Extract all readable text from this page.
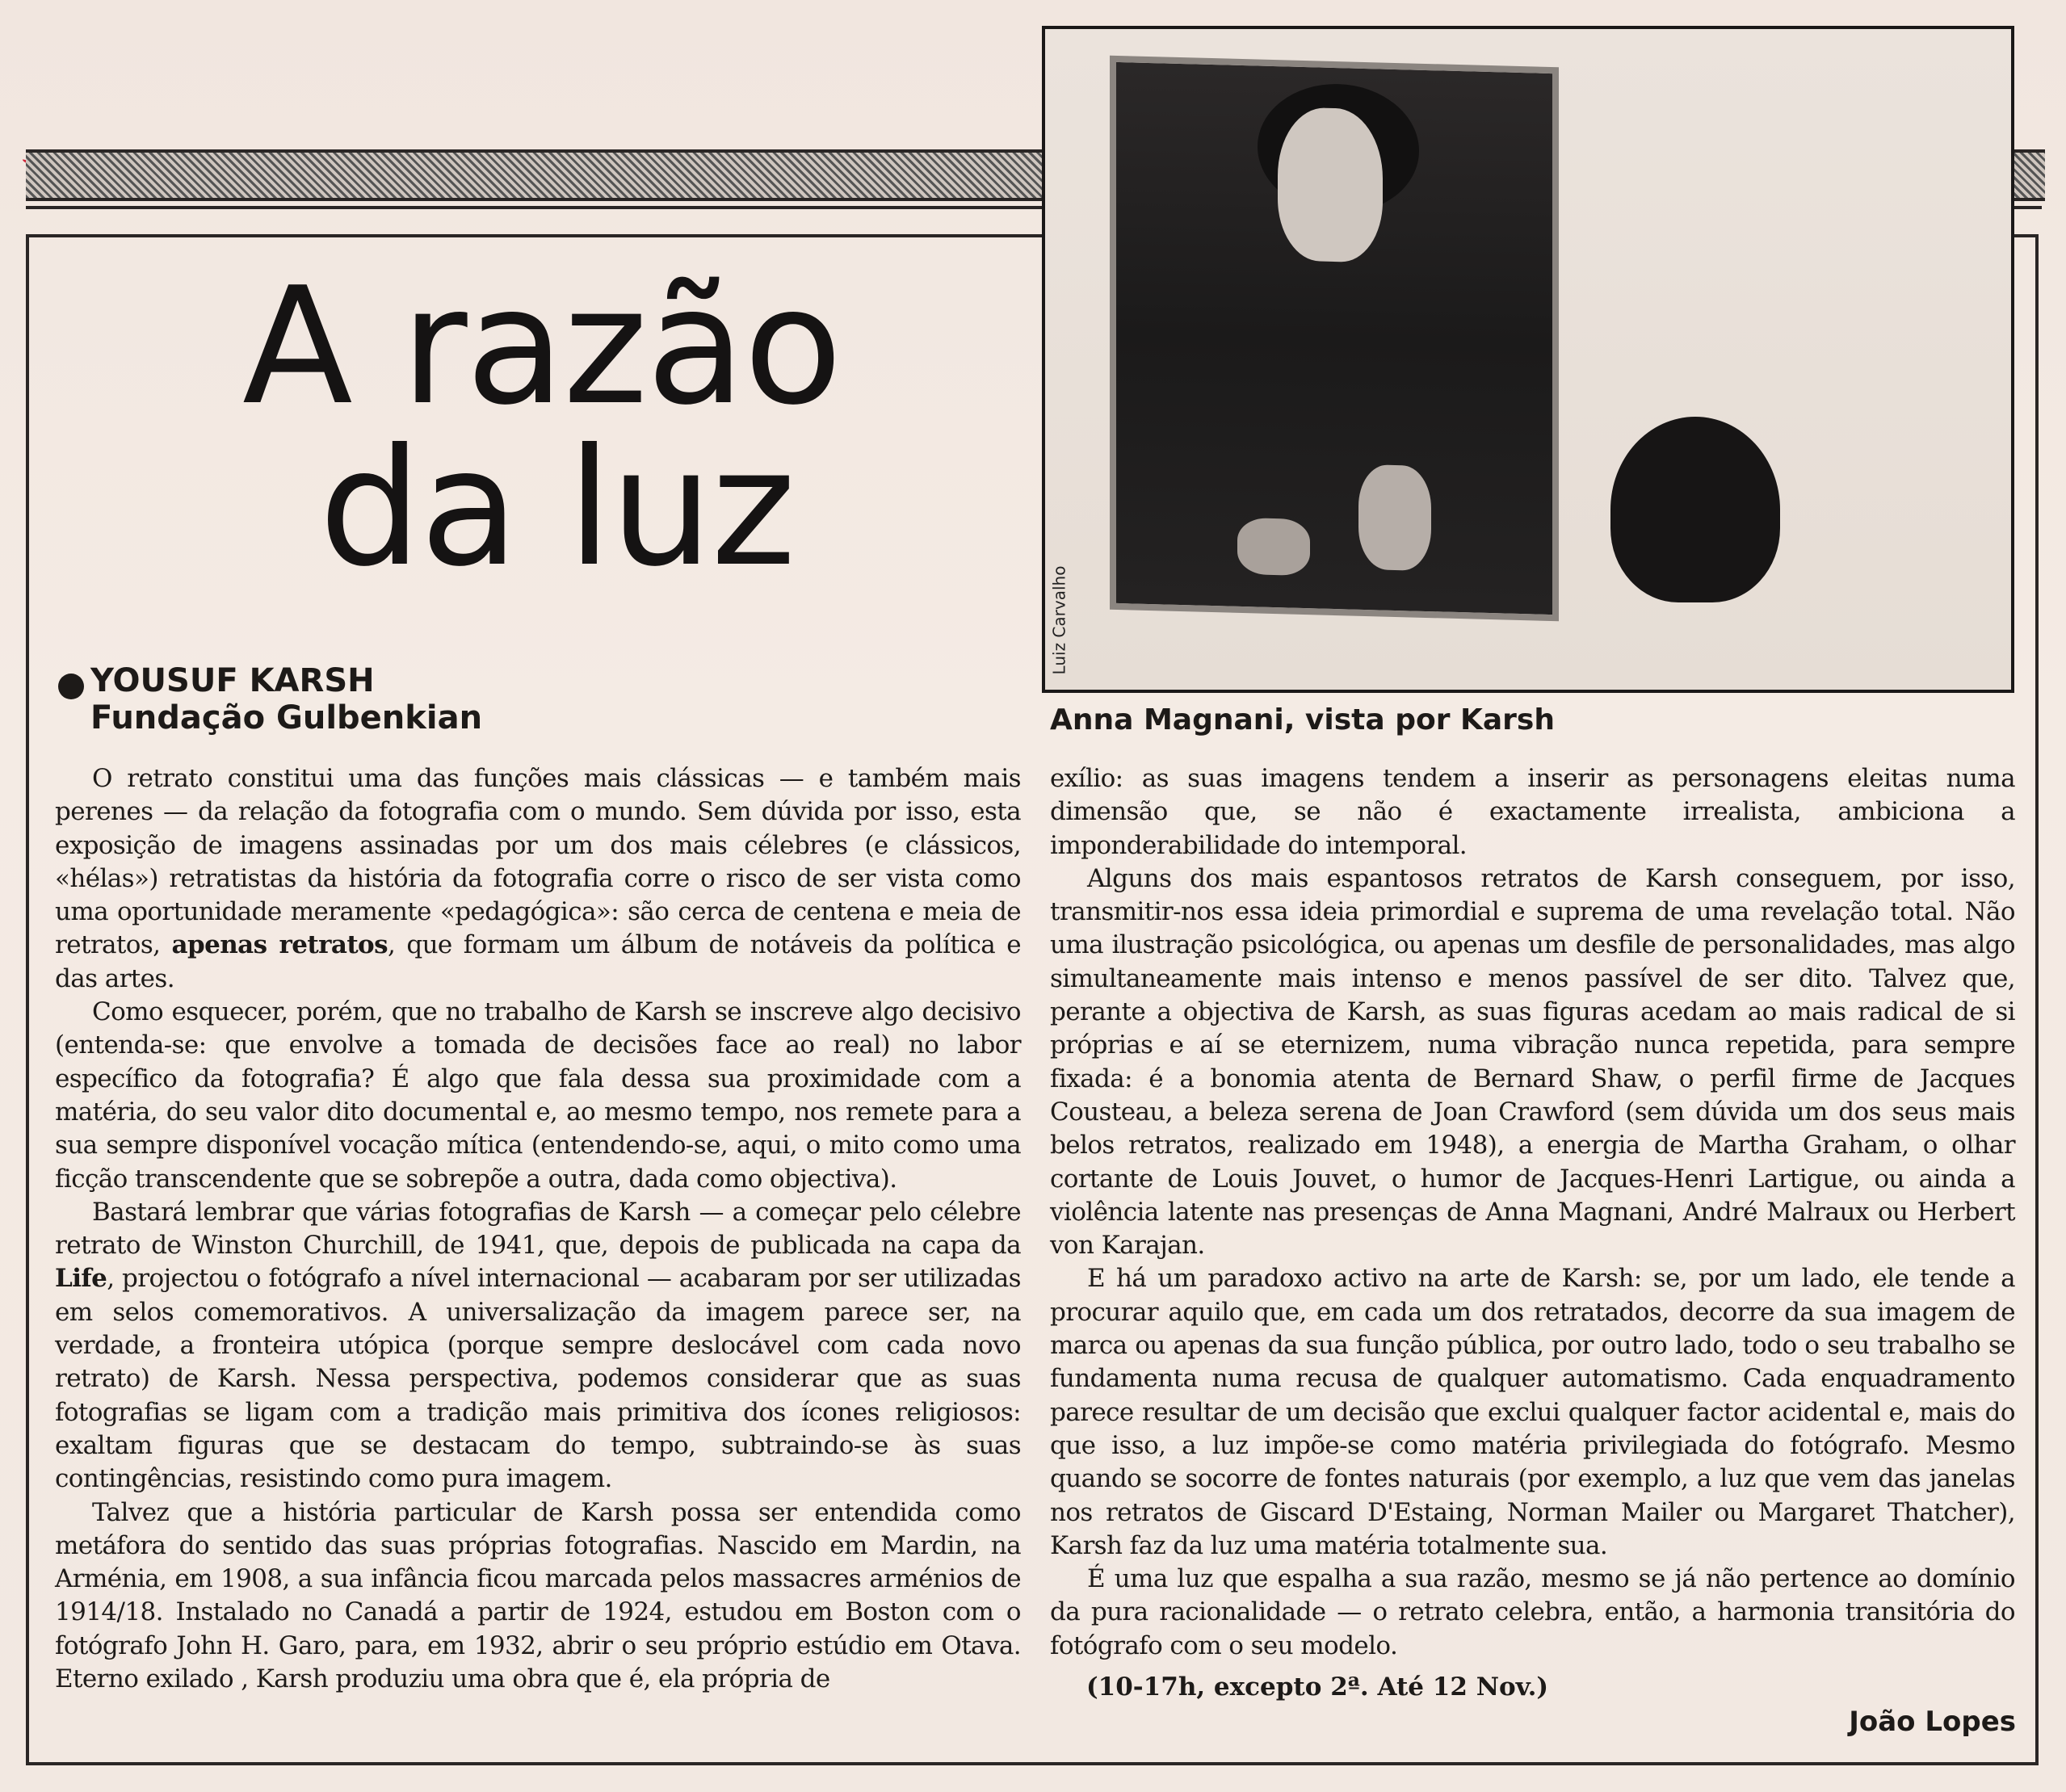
A razão
da luz
YOUSUF KARSH
Fundação Gulbenkian
Luiz Carvalho
Anna Magnani, vista por Karsh

O retrato constitui uma das funções mais clássicas — e também mais perenes — da relação da fotografia com o mundo. Sem dúvida por isso, esta exposição de imagens assinadas por um dos mais célebres (e clássicos, «hélas») retratistas da história da fotografia corre o risco de ser vista como uma oportunidade meramente «pedagógica»: são cerca de centena e meia de retratos, apenas retratos, que formam um álbum de notáveis da política e das artes.

Como esquecer, porém, que no trabalho de Karsh se inscreve algo decisivo (entenda-se: que envolve a tomada de decisões face ao real) no labor específico da fotografia? É algo que fala dessa sua proximidade com a matéria, do seu valor dito documental e, ao mesmo tempo, nos remete para a sua sempre disponível vocação mítica (entendendo-se, aqui, o mito como uma ficção transcendente que se sobrepõe a outra, dada como objectiva).

Bastará lembrar que várias fotografias de Karsh — a começar pelo célebre retrato de Winston Churchill, de 1941, que, depois de publicada na capa da Life, projectou o fotógrafo a nível internacional — acabaram por ser utilizadas em selos comemorativos. A universalização da imagem parece ser, na verdade, a fronteira utópica (porque sempre deslocável com cada novo retrato) de Karsh. Nessa perspectiva, podemos considerar que as suas fotografias se ligam com a tradição mais primitiva dos ícones religiosos: exaltam figuras que se destacam do tempo, subtraindo-se às suas contingências, resistindo como pura imagem.

Talvez que a história particular de Karsh possa ser entendida como metáfora do sentido das suas próprias fotografias. Nascido em Mardin, na Arménia, em 1908, a sua infância ficou marcada pelos massacres arménios de 1914/18. Instalado no Canadá a partir de 1924, estudou em Boston com o fotógrafo John H. Garo, para, em 1932, abrir o seu próprio estúdio em Otava. Eterno exilado , Karsh produziu uma obra que é, ela própria de

exílio: as suas imagens tendem a inserir as personagens eleitas numa dimensão que, se não é exactamente irrealista, ambiciona a imponderabilidade do intemporal.

Alguns dos mais espantosos retratos de Karsh conseguem, por isso, transmitir-nos essa ideia primordial e suprema de uma revelação total. Não uma ilustração psicológica, ou apenas um desfile de personalidades, mas algo simultaneamente mais intenso e menos passível de ser dito. Talvez que, perante a objectiva de Karsh, as suas figuras acedam ao mais radical de si próprias e aí se eternizem, numa vibração nunca repetida, para sempre fixada: é a bonomia atenta de Bernard Shaw, o perfil firme de Jacques Cousteau, a beleza serena de Joan Crawford (sem dúvida um dos seus mais belos retratos, realizado em 1948), a energia de Martha Graham, o olhar cortante de Louis Jouvet, o humor de Jacques-Henri Lartigue, ou ainda a violência latente nas presenças de Anna Magnani, André Malraux ou Herbert von Karajan.

E há um paradoxo activo na arte de Karsh: se, por um lado, ele tende a procurar aquilo que, em cada um dos retratados, decorre da sua imagem de marca ou apenas da sua função pública, por outro lado, todo o seu trabalho se fundamenta numa recusa de qualquer automatismo. Cada enquadramento parece resultar de um decisão que exclui qualquer factor acidental e, mais do que isso, a luz impõe-se como matéria privilegiada do fotógrafo. Mesmo quando se socorre de fontes naturais (por exemplo, a luz que vem das janelas nos retratos de Giscard D'Estaing, Norman Mailer ou Margaret Thatcher), Karsh faz da luz uma matéria totalmente sua.

É uma luz que espalha a sua razão, mesmo se já não pertence ao domínio da pura racionalidade — o retrato celebra, então, a harmonia transitória do fotógrafo com o seu modelo.

(10-17h, excepto 2ª. Até 12 Nov.)
João Lopes
